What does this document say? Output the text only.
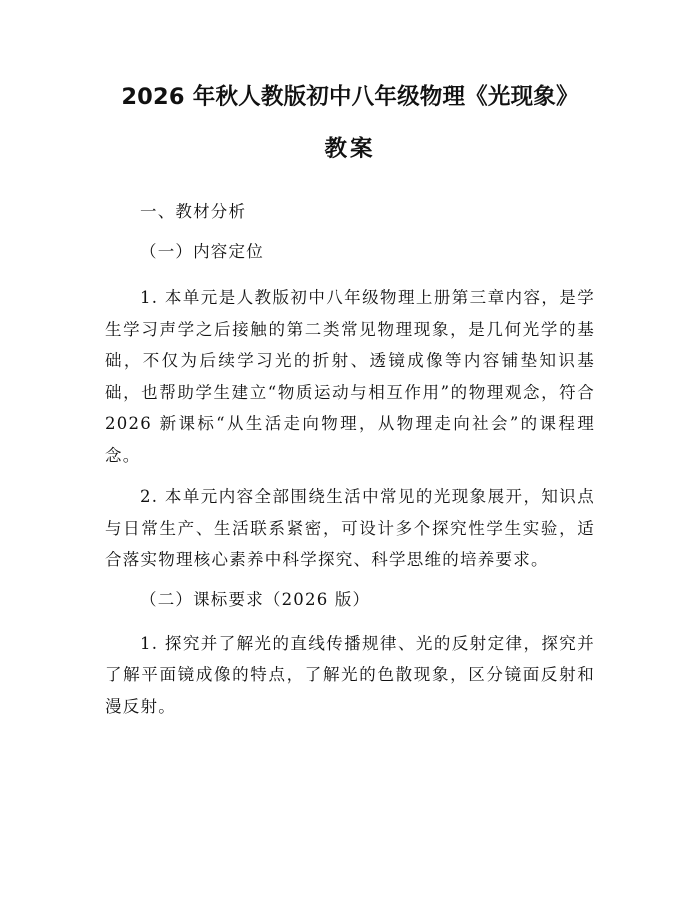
2026 年秋人教版初中八年级物理《光现象》
教案

一、教材分析

（一）内容定位

1. 本单元是人教版初中八年级物理上册第三章内容，是学生学习声学之后接触的第二类常见物理现象，是几何光学的基础，不仅为后续学习光的折射、透镜成像等内容铺垫知识基础，也帮助学生建立“物质运动与相互作用”的物理观念，符合 2026 新课标“从生活走向物理，从物理走向社会”的课程理念。

2. 本单元内容全部围绕生活中常见的光现象展开，知识点与日常生产、生活联系紧密，可设计多个探究性学生实验，适合落实物理核心素养中科学探究、科学思维的培养要求。

（二）课标要求（2026 版）

1. 探究并了解光的直线传播规律、光的反射定律，探究并了解平面镜成像的特点，了解光的色散现象，区分镜面反射和漫反射。
